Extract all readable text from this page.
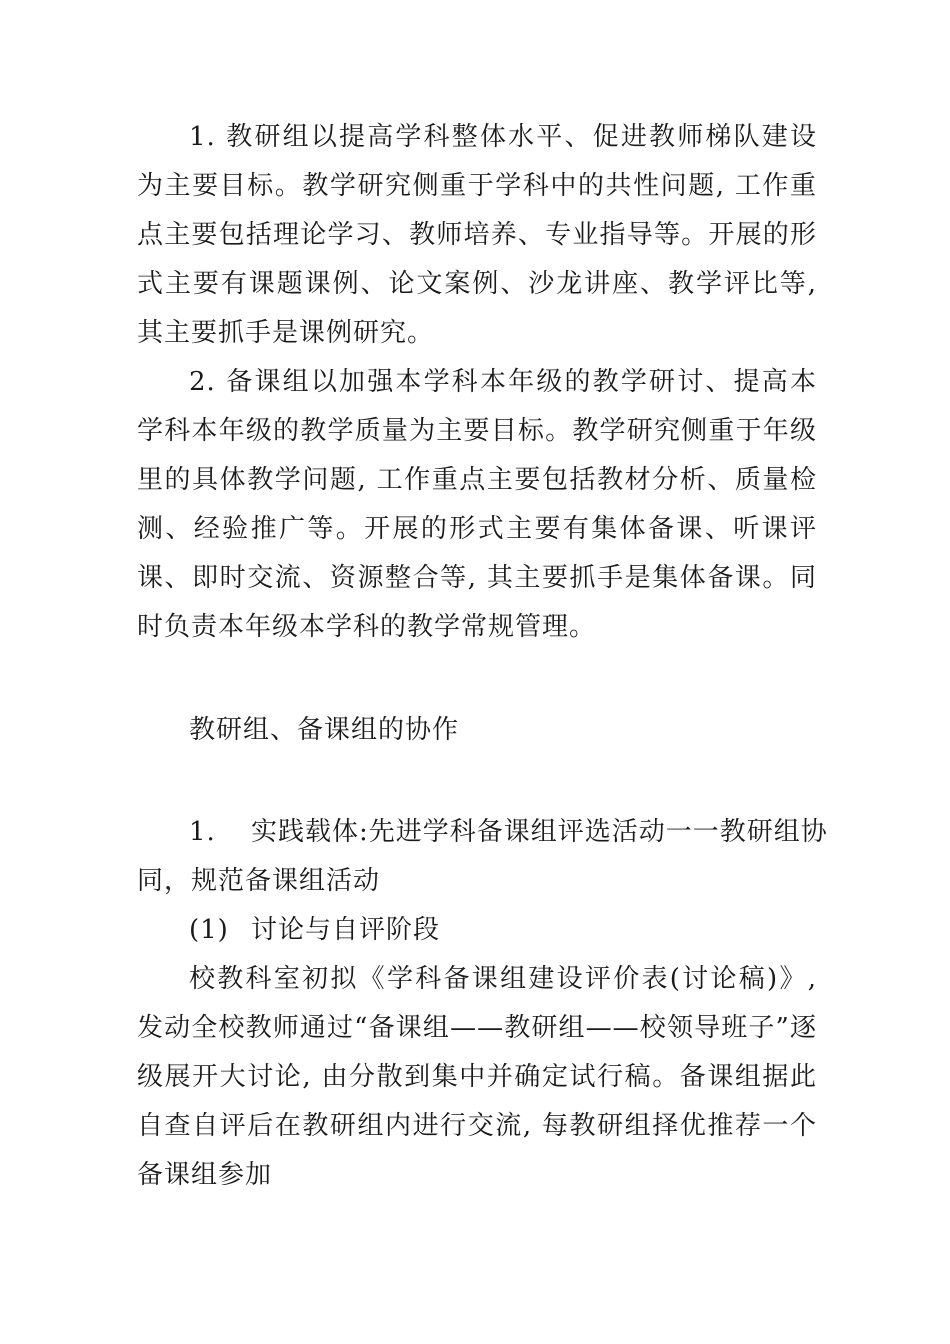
1. 教研组以提高学科整体水平、促进教师梯队建设为主要目标。教学研究侧重于学科中的共性问题, 工作重点主要包括理论学习、教师培养、专业指导等。开展的形式主要有课题课例、论文案例、沙龙讲座、教学评比等, 其主要抓手是课例研究。

2. 备课组以加强本学科本年级的教学研讨、提高本学科本年级的教学质量为主要目标。教学研究侧重于年级里的具体教学问题, 工作重点主要包括教材分析、质量检测、经验推广等。开展的形式主要有集体备课、听课评课、即时交流、资源整合等, 其主要抓手是集体备课。同时负责本年级本学科的教学常规管理。

教研组、备课组的协作

1. 实践载体:先进学科备课组评选活动一一教研组协

同，规范备课组活动

(1) 讨论与自评阶段

校教科室初拟《学科备课组建设评价表(讨论稿)》, 发动全校教师通过“备课组——教研组——校领导班子”逐级展开大讨论, 由分散到集中并确定试行稿。备课组据此自查自评后在教研组内进行交流, 每教研组择优推荐一个备课组参加
